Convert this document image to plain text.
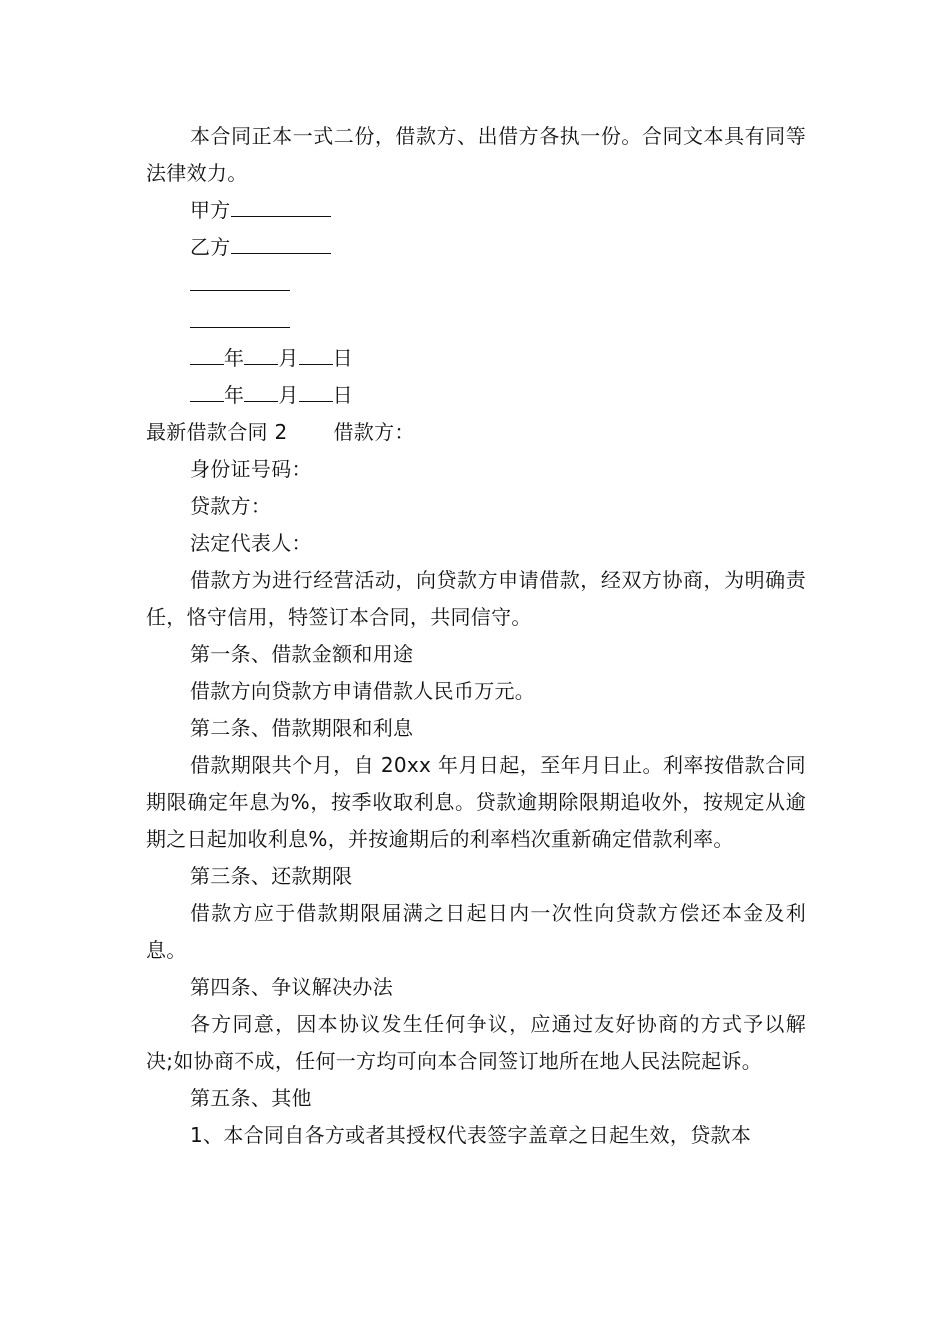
本合同正本一式二份，借款方、出借方各执一份。合同文本具有同等法律效力。

甲方

乙方

年 月 日

年 月 日

最新借款合同 2 借款方：

身份证号码：

贷款方：

法定代表人：

借款方为进行经营活动，向贷款方申请借款，经双方协商，为明确责任，恪守信用，特签订本合同，共同信守。

第一条、借款金额和用途

借款方向贷款方申请借款人民币万元。

第二条、借款期限和利息

借款期限共个月，自 20xx 年月日起，至年月日止。利率按借款合同期限确定年息为%，按季收取利息。贷款逾期除限期追收外，按规定从逾期之日起加收利息%，并按逾期后的利率档次重新确定借款利率。

第三条、还款期限

借款方应于借款期限届满之日起日内一次性向贷款方偿还本金及利息。

第四条、争议解决办法

各方同意，因本协议发生任何争议，应通过友好协商的方式予以解决;如协商不成，任何一方均可向本合同签订地所在地人民法院起诉。

第五条、其他

1、本合同自各方或者其授权代表签字盖章之日起生效，贷款本
